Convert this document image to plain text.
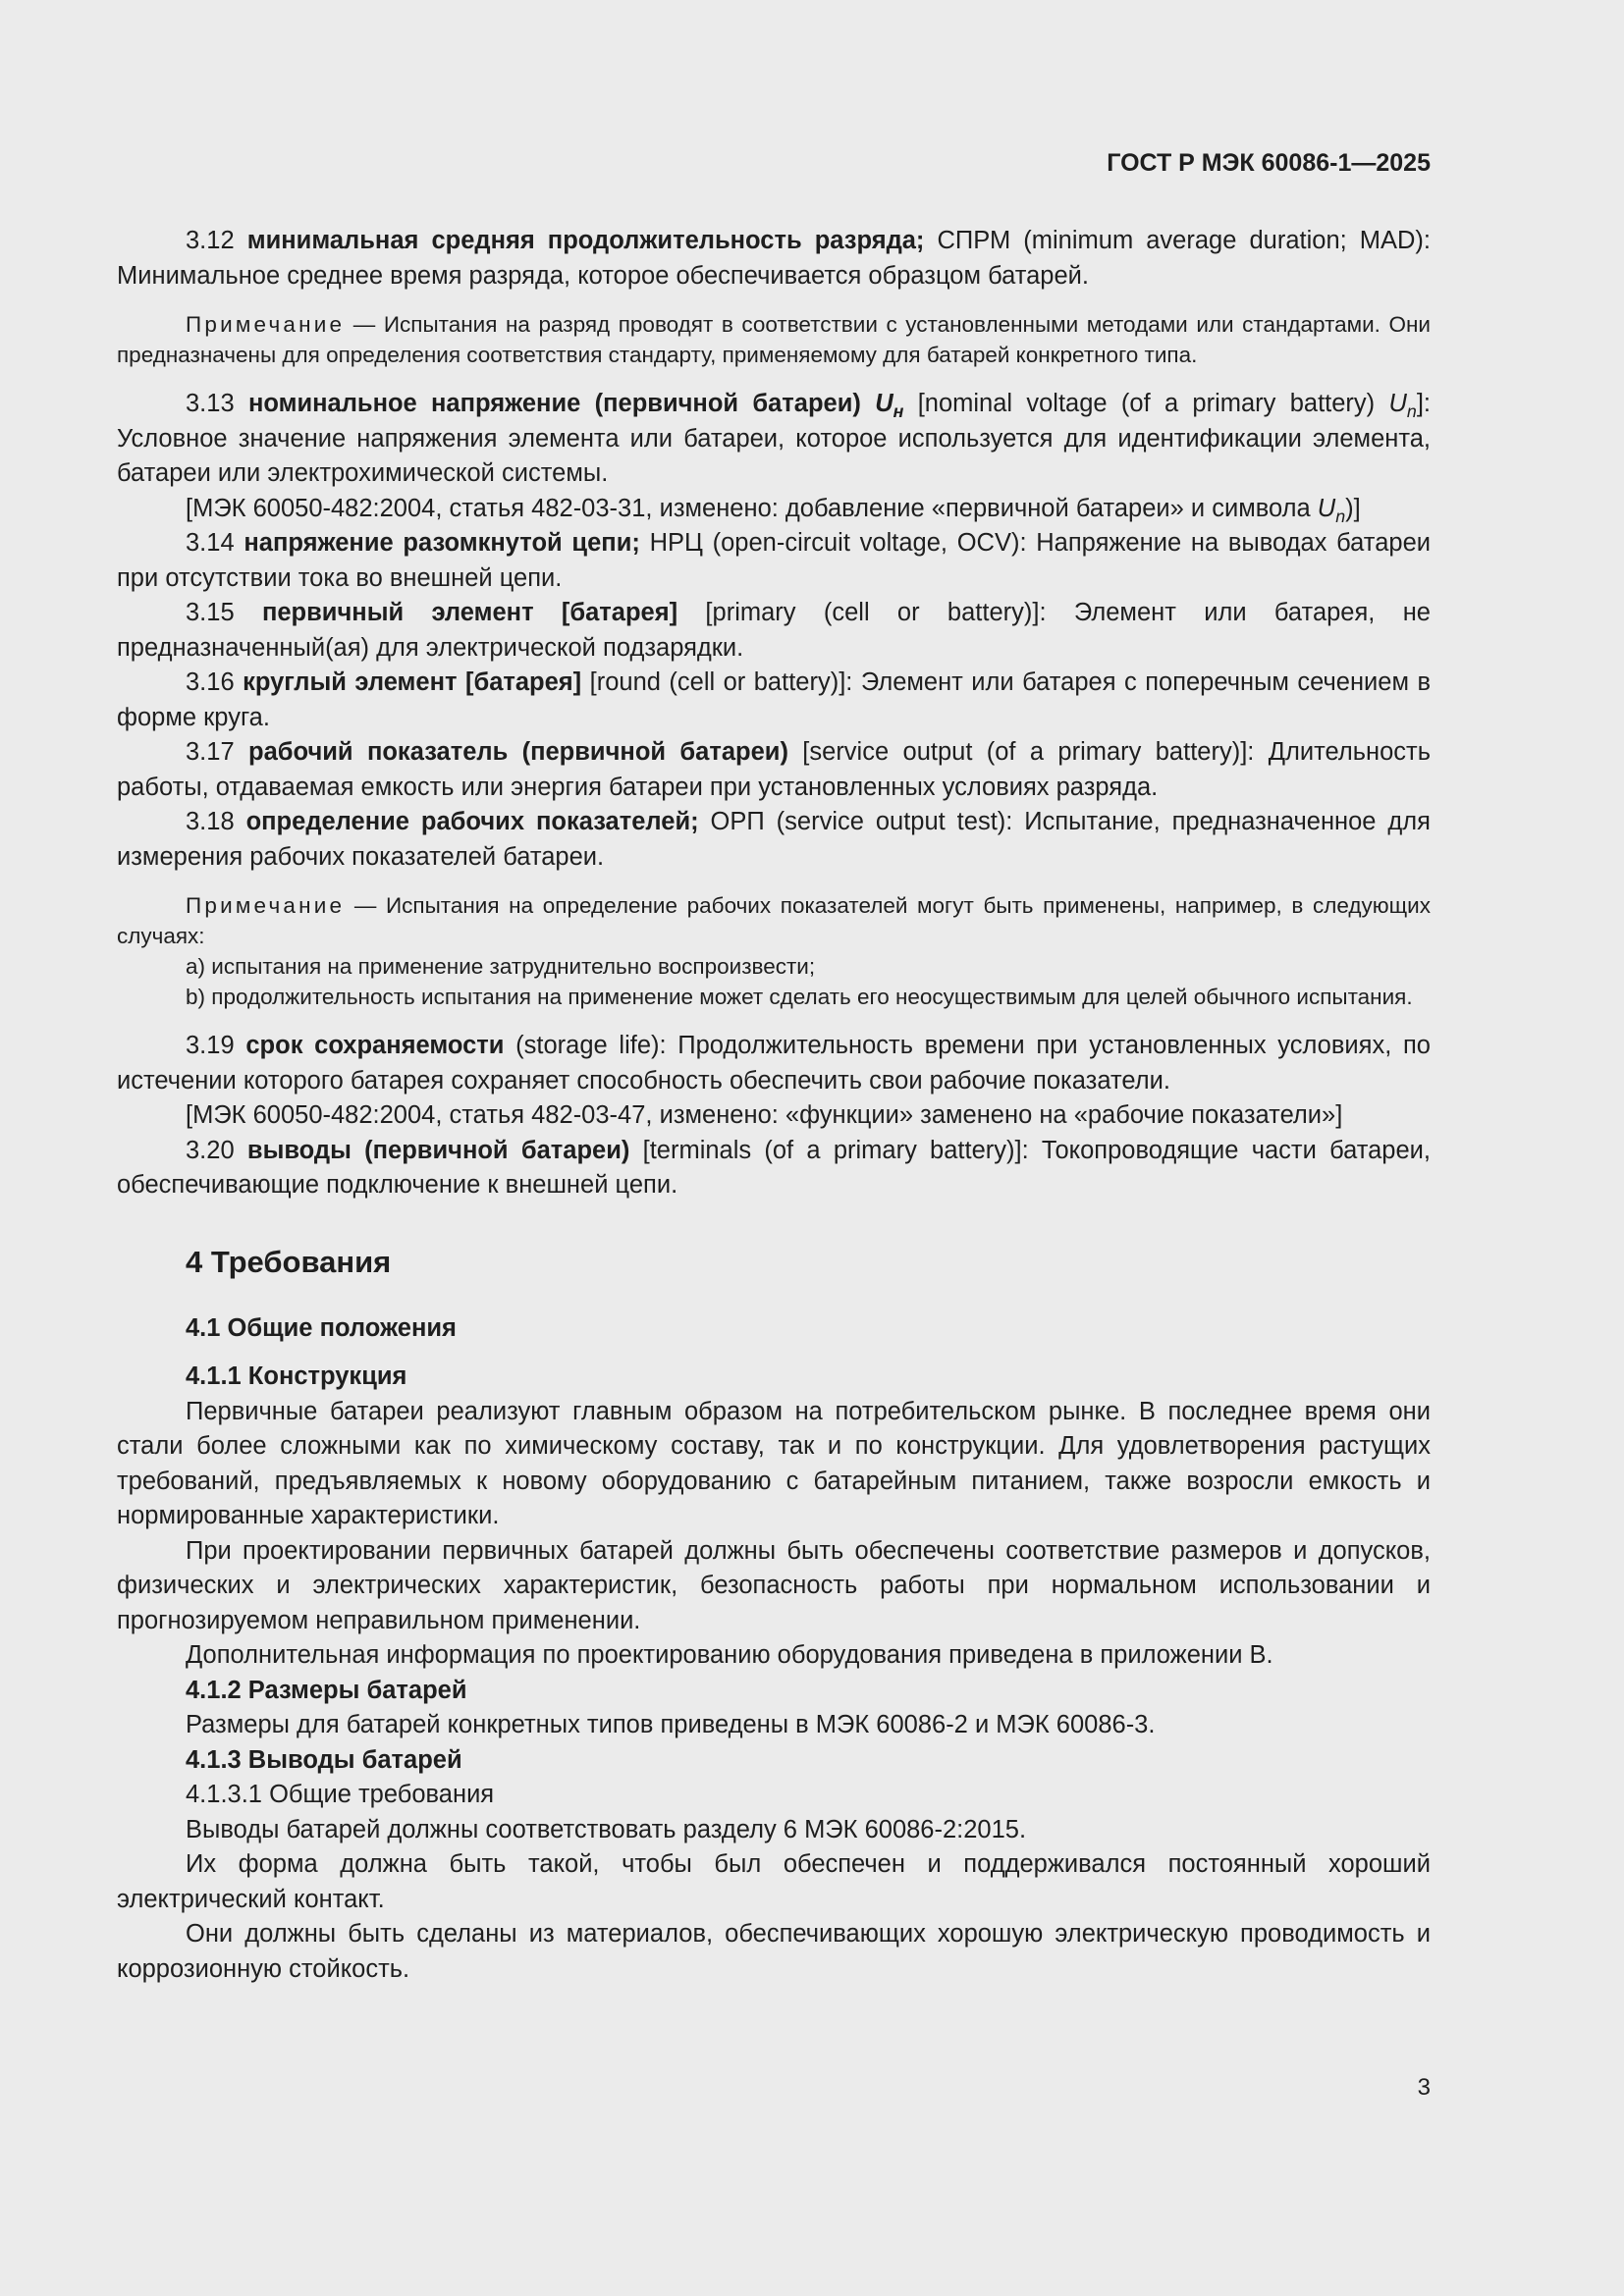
ГОСТ Р МЭК 60086-1—2025

3.12 минимальная средняя продолжительность разряда; СПРМ (minimum average duration; MAD): Минимальное среднее время разряда, которое обеспечивается образцом батарей.

Примечание — Испытания на разряд проводят в соответствии с установленными методами или стандартами. Они предназначены для определения соответствия стандарту, применяемому для батарей конкретного типа.

3.13 номинальное напряжение (первичной батареи) $U_н$ [nominal voltage (of a primary battery) $U_n$]: Условное значение напряжения элемента или батареи, которое используется для идентификации элемента, батареи или электрохимической системы.

[МЭК 60050-482:2004, статья 482-03-31, изменено: добавление «первичной батареи» и символа $U_n$)]

3.14 напряжение разомкнутой цепи; НРЦ (open-circuit voltage, OCV): Напряжение на выводах батареи при отсутствии тока во внешней цепи.

3.15 первичный элемент [батарея] [primary (cell or battery)]: Элемент или батарея, не предназначенный(ая) для электрической подзарядки.

3.16 круглый элемент [батарея] [round (cell or battery)]: Элемент или батарея с поперечным сечением в форме круга.

3.17 рабочий показатель (первичной батареи) [service output (of a primary battery)]: Длительность работы, отдаваемая емкость или энергия батареи при установленных условиях разряда.

3.18 определение рабочих показателей; ОРП (service output test): Испытание, предназначенное для измерения рабочих показателей батареи.

Примечание — Испытания на определение рабочих показателей могут быть применены, например, в следующих случаях:

a) испытания на применение затруднительно воспроизвести;

b) продолжительность испытания на применение может сделать его неосуществимым для целей обычного испытания.

3.19 срок сохраняемости (storage life): Продолжительность времени при установленных условиях, по истечении которого батарея сохраняет способность обеспечить свои рабочие показатели.

[МЭК 60050-482:2004, статья 482-03-47, изменено: «функции» заменено на «рабочие показатели»]

3.20 выводы (первичной батареи) [terminals (of a primary battery)]: Токопроводящие части батареи, обеспечивающие подключение к внешней цепи.

4 Требования
4.1 Общие положения
4.1.1 Конструкция

Первичные батареи реализуют главным образом на потребительском рынке. В последнее время они стали более сложными как по химическому составу, так и по конструкции. Для удовлетворения растущих требований, предъявляемых к новому оборудованию с батарейным питанием, также возросли емкость и нормированные характеристики.

При проектировании первичных батарей должны быть обеспечены соответствие размеров и допусков, физических и электрических характеристик, безопасность работы при нормальном использовании и прогнозируемом неправильном применении.

Дополнительная информация по проектированию оборудования приведена в приложении В.

4.1.2 Размеры батарей

Размеры для батарей конкретных типов приведены в МЭК 60086-2 и МЭК 60086-3.

4.1.3 Выводы батарей
4.1.3.1 Общие требования

Выводы батарей должны соответствовать разделу 6 МЭК 60086-2:2015.

Их форма должна быть такой, чтобы был обеспечен и поддерживался постоянный хороший электрический контакт.

Они должны быть сделаны из материалов, обеспечивающих хорошую электрическую проводимость и коррозионную стойкость.

3
